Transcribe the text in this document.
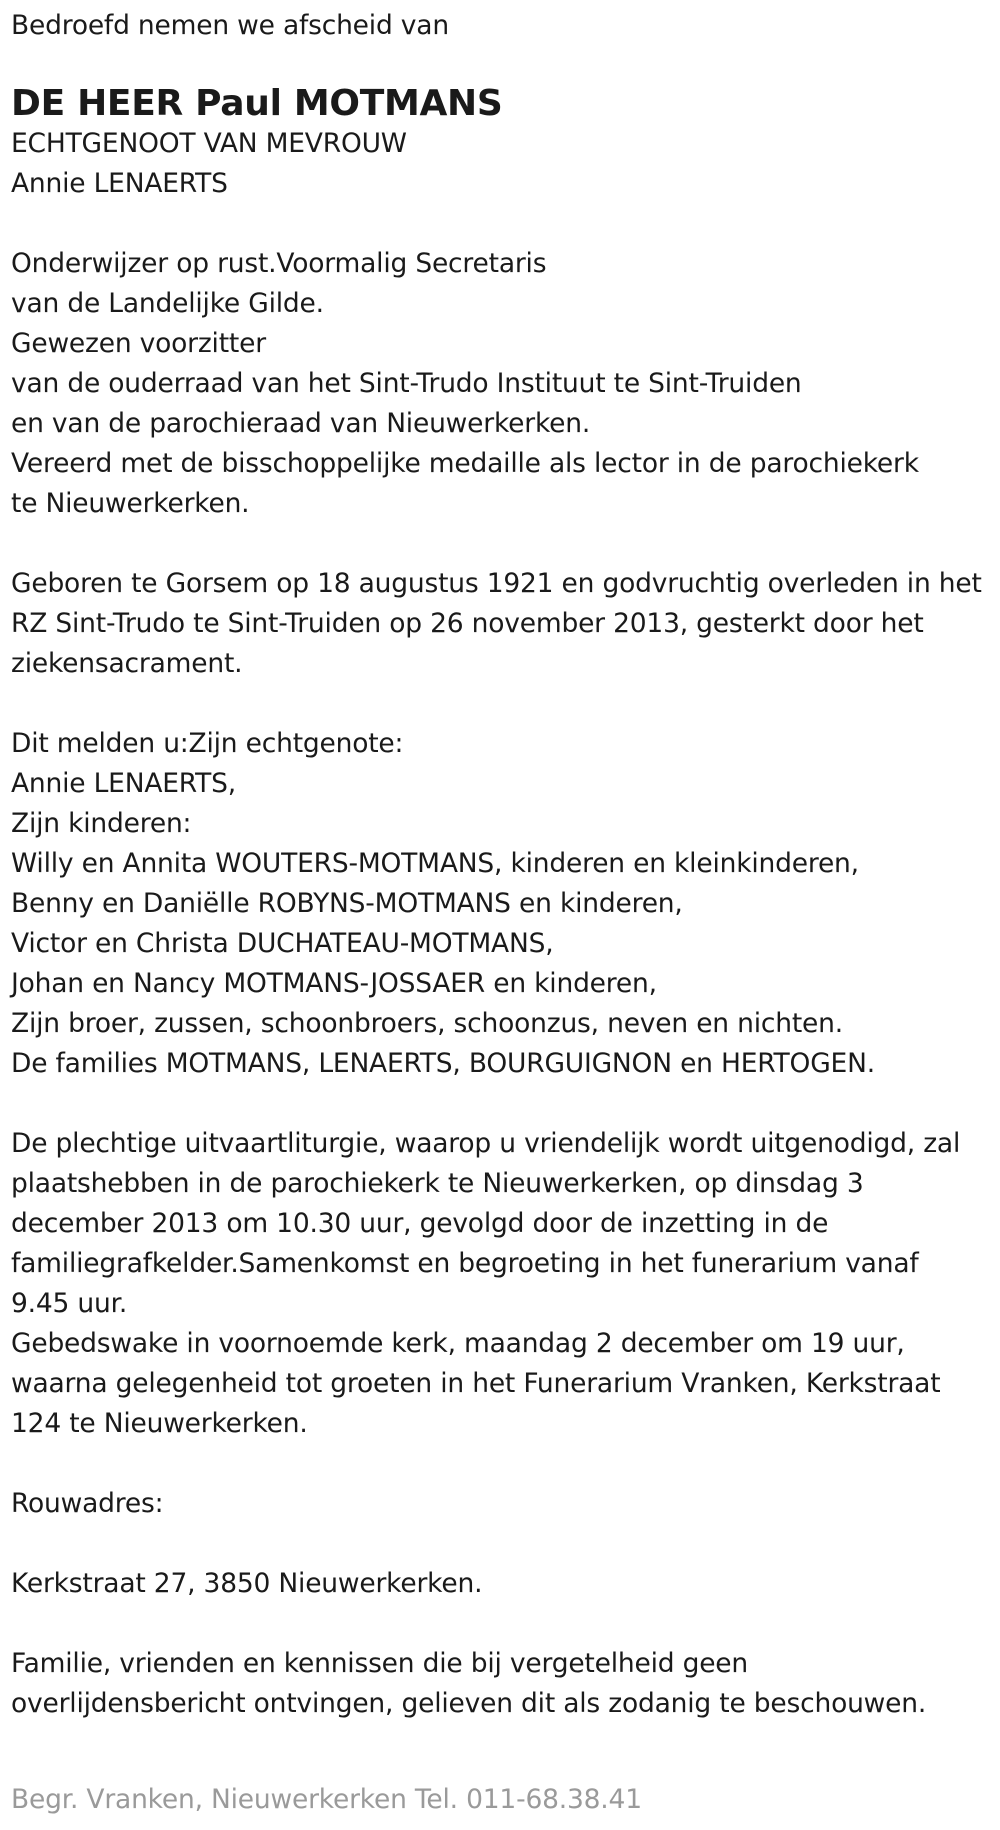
Bedroefd nemen we afscheid van
DE HEER Paul MOTMANS
ECHTGENOOT VAN MEVROUW
Annie LENAERTS
Onderwijzer op rust.Voormalig Secretaris
van de Landelijke Gilde.
Gewezen voorzitter
van de ouderraad van het Sint-Trudo Instituut te Sint-Truiden
en van de parochieraad van Nieuwerkerken.
Vereerd met de bisschoppelijke medaille als lector in de parochiekerk
te Nieuwerkerken.
Geboren te Gorsem op 18 augustus 1921 en godvruchtig overleden in het
RZ Sint-Trudo te Sint-Truiden op 26 november 2013, gesterkt door het
ziekensacrament.
Dit melden u:Zijn echtgenote:
Annie LENAERTS,
Zijn kinderen:
Willy en Annita WOUTERS-MOTMANS, kinderen en kleinkinderen,
Benny en Daniëlle ROBYNS-MOTMANS en kinderen,
Victor en Christa DUCHATEAU-MOTMANS,
Johan en Nancy MOTMANS-JOSSAER en kinderen,
Zijn broer, zussen, schoonbroers, schoonzus, neven en nichten.
De families MOTMANS, LENAERTS, BOURGUIGNON en HERTOGEN.
De plechtige uitvaartliturgie, waarop u vriendelijk wordt uitgenodigd, zal
plaatshebben in de parochiekerk te Nieuwerkerken, op dinsdag 3
december 2013 om 10.30 uur, gevolgd door de inzetting in de
familiegrafkelder.Samenkomst en begroeting in het funerarium vanaf
9.45 uur.
Gebedswake in voornoemde kerk, maandag 2 december om 19 uur,
waarna gelegenheid tot groeten in het Funerarium Vranken, Kerkstraat
124 te Nieuwerkerken.
Rouwadres:
Kerkstraat 27, 3850 Nieuwerkerken.
Familie, vrienden en kennissen die bij vergetelheid geen
overlijdensbericht ontvingen, gelieven dit als zodanig te beschouwen.
Begr. Vranken, Nieuwerkerken Tel. 011-68.38.41
